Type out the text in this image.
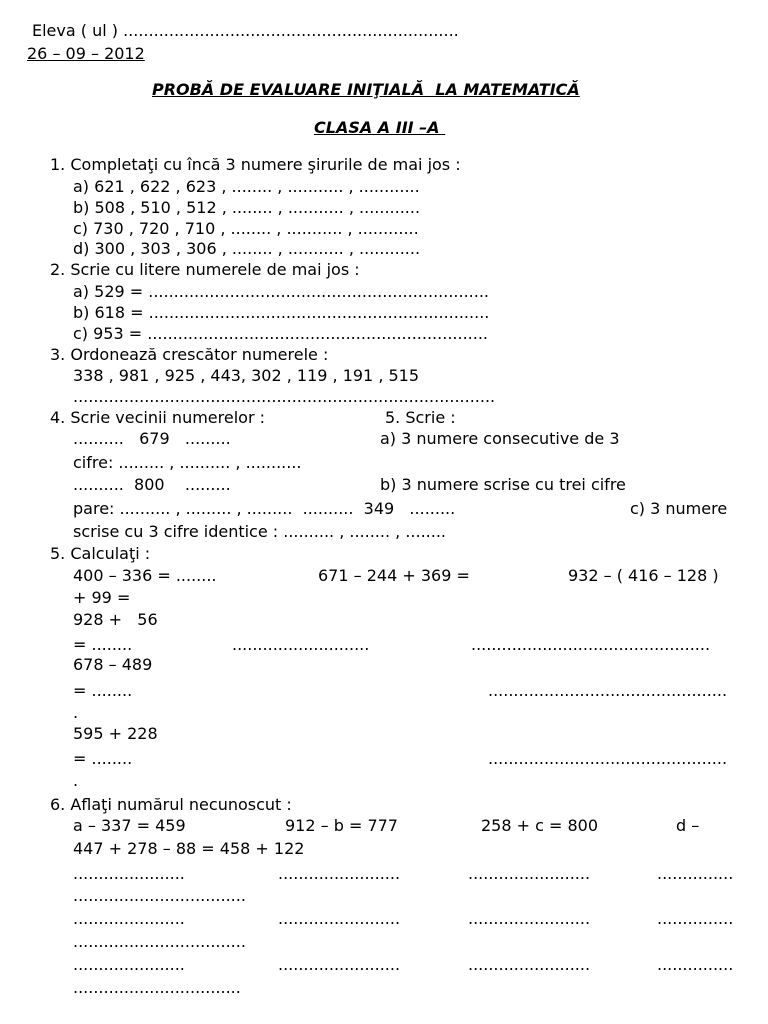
Eleva ( ul ) ..................................................................
26 – 09 – 2012
PROBĂ DE EVALUARE INIŢIALĂ  LA MATEMATICĂ
CLASA A III –A
1. Completaţi cu încă 3 numere şirurile de mai jos :
a) 621 , 622 , 623 , ........ , ........... , ............
b) 508 , 510 , 512 , ........ , ........... , ............
c) 730 , 720 , 710 , ........ , ........... , ............
d) 300 , 303 , 306 , ........ , ........... , ............
2. Scrie cu litere numerele de mai jos :
a) 529 = ...................................................................
b) 618 = ...................................................................
c) 953 = ...................................................................
3. Ordonează crescător numerele :
338 , 981 , 925 , 443, 302 , 119 , 191 , 515
...................................................................................
4. Scrie vecinii numerelor :	5. Scrie :
..........   679   .........	a) 3 numere consecutive de 3
cifre: ......... , .......... , ...........
..........  800    .........	b) 3 numere scrise cu trei cifre
pare: .......... , ......... , .........  ..........  349   .........	c) 3 numere
scrise cu 3 cifre identice : .......... , ........ , ........
5. Calculaţi :
400 – 336 = ........	671 – 244 + 369 =	932 – ( 416 – 128 )
+ 99 =
928 +   56
= ........	...........................	...............................................
678 – 489
= ........	...............................................
.
595 + 228
= ........	...............................................
.
6. Aflaţi numărul necunoscut :
a – 337 = 459	912 – b = 777	258 + c = 800	d –
447 + 278 – 88 = 458 + 122
......................	........................	........................	...............
..................................
......................	........................	........................	...............
..................................
......................	........................	........................	...............
.................................
